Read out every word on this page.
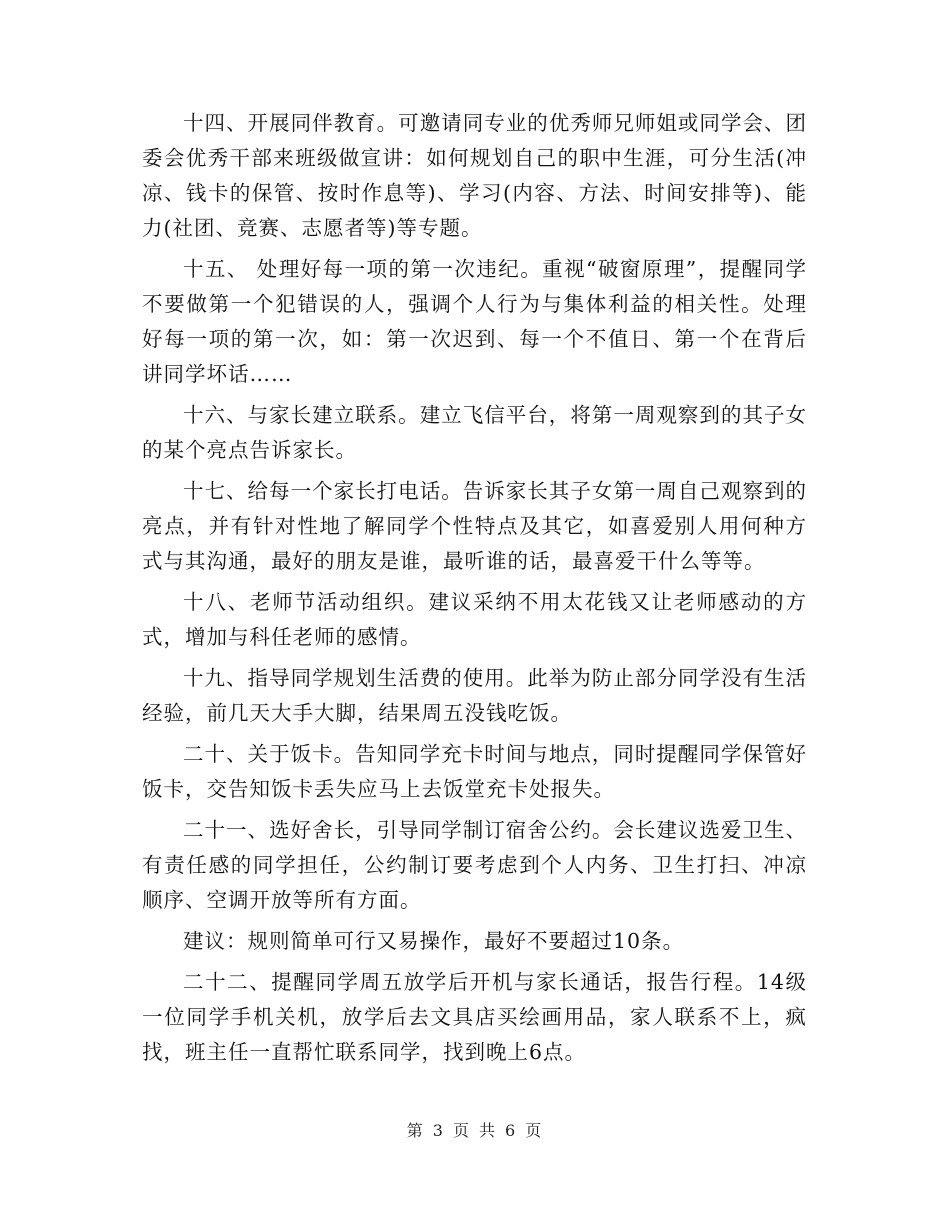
十四、开展同伴教育。可邀请同专业的优秀师兄师姐或同学会、团委会优秀干部来班级做宣讲：如何规划自己的职中生涯，可分生活(冲凉、钱卡的保管、按时作息等)、学习(内容、方法、时间安排等)、能力(社团、竞赛、志愿者等)等专题。

十五、 处理好每一项的第一次违纪。重视“破窗原理”，提醒同学不要做第一个犯错误的人，强调个人行为与集体利益的相关性。处理好每一项的第一次，如：第一次迟到、每一个不值日、第一个在背后讲同学坏话……

十六、与家长建立联系。建立飞信平台，将第一周观察到的其子女的某个亮点告诉家长。

十七、给每一个家长打电话。告诉家长其子女第一周自己观察到的亮点，并有针对性地了解同学个性特点及其它，如喜爱别人用何种方式与其沟通，最好的朋友是谁，最听谁的话，最喜爱干什么等等。

十八、老师节活动组织。建议采纳不用太花钱又让老师感动的方式，增加与科任老师的感情。

十九、指导同学规划生活费的使用。此举为防止部分同学没有生活经验，前几天大手大脚，结果周五没钱吃饭。

二十、关于饭卡。告知同学充卡时间与地点，同时提醒同学保管好饭卡，交告知饭卡丢失应马上去饭堂充卡处报失。

二十一、选好舍长，引导同学制订宿舍公约。会长建议选爱卫生、有责任感的同学担任，公约制订要考虑到个人内务、卫生打扫、冲凉顺序、空调开放等所有方面。

建议：规则简单可行又易操作，最好不要超过10条。

二十二、提醒同学周五放学后开机与家长通话，报告行程。14级一位同学手机关机，放学后去文具店买绘画用品，家人联系不上，疯找，班主任一直帮忙联系同学，找到晚上6点。

第 3 页 共 6 页
